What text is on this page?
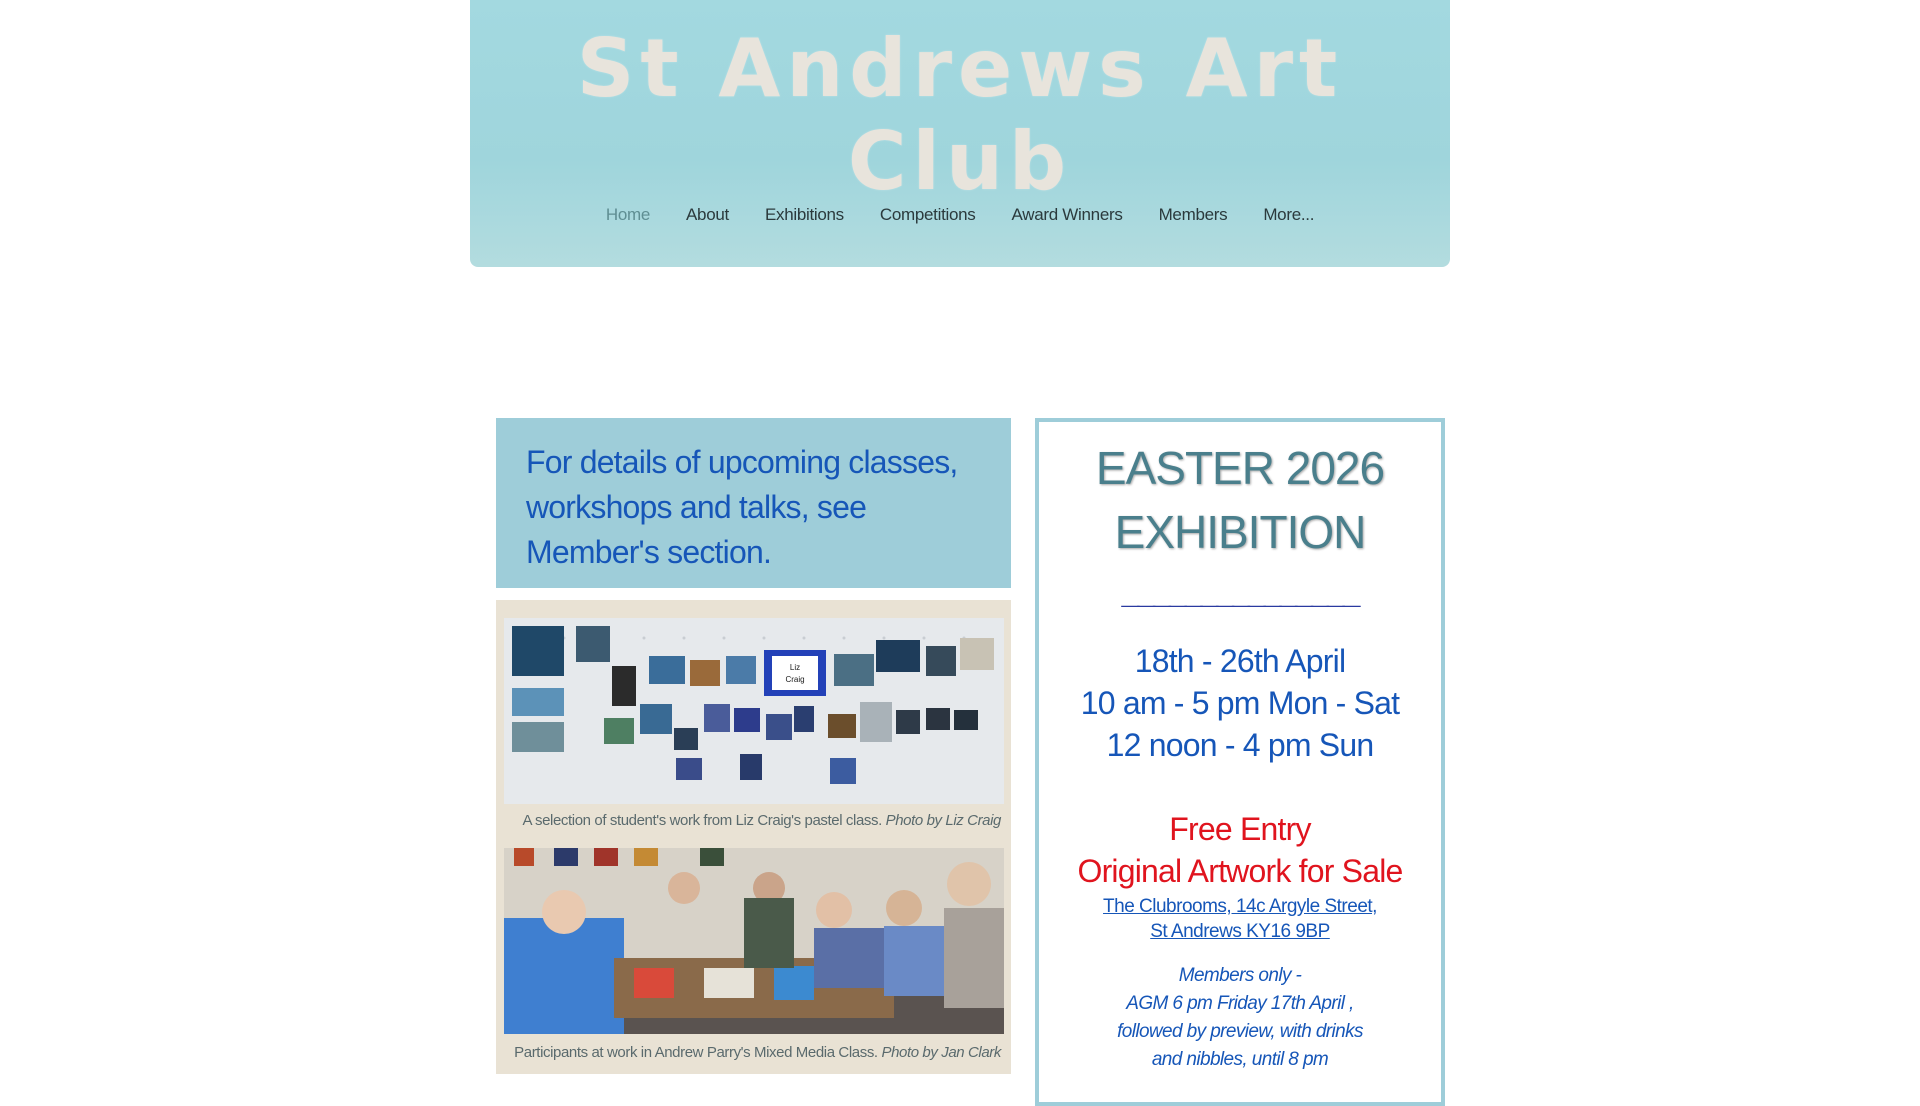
St Andrews Art Club
Home	About	Exhibitions	Competitions	Award Winners	Members	More...
For details of upcoming classes, workshops and talks, see Member's section.
Liz
Craig
A selection of student's work from Liz Craig's pastel class. Photo by Liz Craig
Participants at work in Andrew Parry's Mixed Media Class. Photo by Jan Clark
EASTER 2026
EXHIBITION
_______________
18th - 26th April
10 am - 5 pm Mon - Sat
12 noon - 4 pm Sun
Free Entry
Original Artwork for Sale
The Clubrooms, 14c Argyle Street,
St Andrews KY16 9BP
Members only -
AGM 6 pm Friday 17th April ,
followed by preview, with drinks
and nibbles, until 8 pm
